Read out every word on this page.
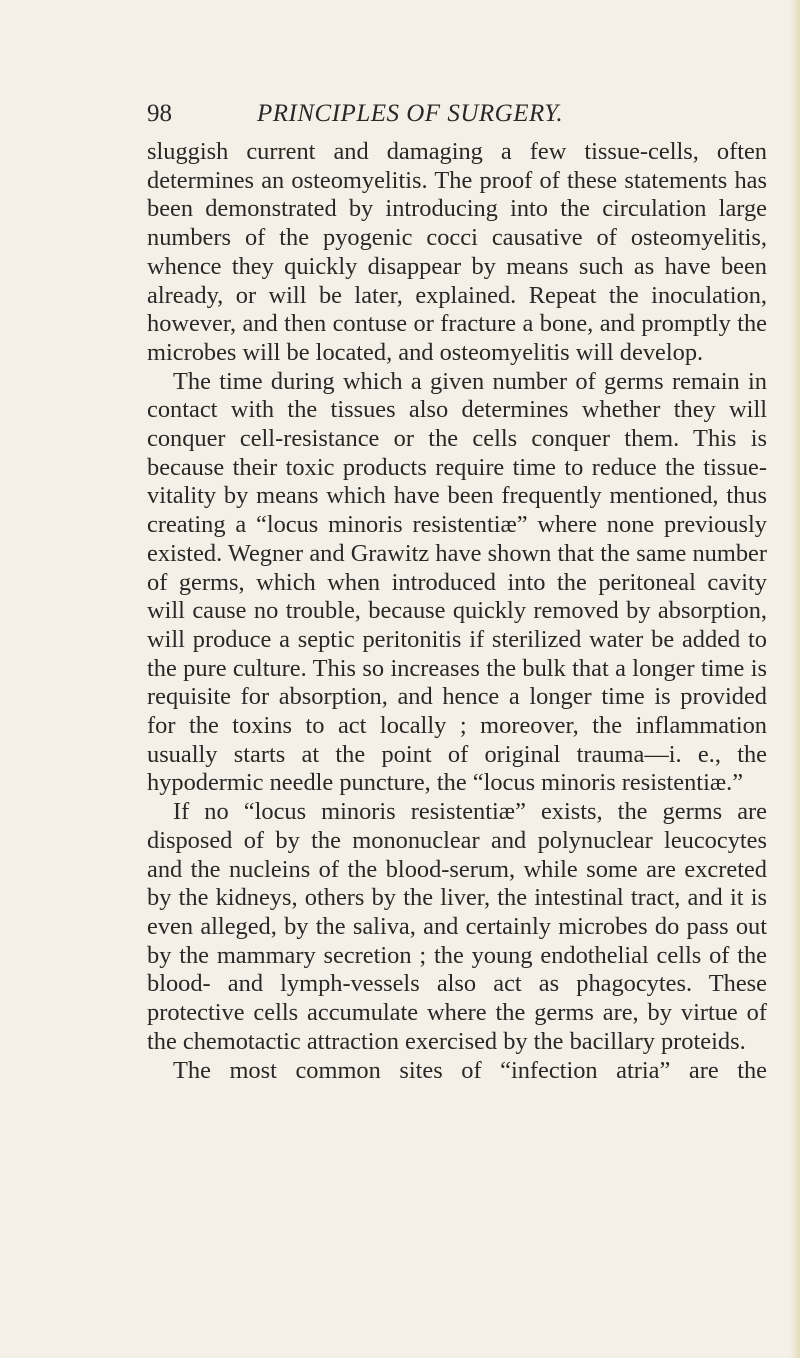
98	PRINCIPLES OF SURGERY.

sluggish current and damaging a few tissue-cells, often determines an osteomyelitis. The proof of these statements has been demonstrated by introducing into the circulation large numbers of the pyogenic cocci causative of osteomyelitis, whence they quickly disappear by means such as have been already, or will be later, explained. Repeat the inoculation, however, and then contuse or fracture a bone, and promptly the microbes will be located, and osteomyelitis will develop.

The time during which a given number of germs remain in contact with the tissues also determines whether they will conquer cell-resistance or the cells conquer them. This is because their toxic products require time to reduce the tissue-vitality by means which have been frequently mentioned, thus creating a “locus minoris resistentiæ” where none previously existed. Wegner and Grawitz have shown that the same number of germs, which when introduced into the peritoneal cavity will cause no trouble, because quickly removed by absorption, will produce a septic peritonitis if sterilized water be added to the pure culture. This so increases the bulk that a longer time is requisite for absorption, and hence a longer time is provided for the toxins to act locally ; moreover, the inflammation usually starts at the point of original trauma—i. e., the hypodermic needle puncture, the “locus minoris resistentiæ.”

If no “locus minoris resistentiæ” exists, the germs are disposed of by the mononuclear and polynuclear leucocytes and the nucleins of the blood-serum, while some are excreted by the kidneys, others by the liver, the intestinal tract, and it is even alleged, by the saliva, and certainly microbes do pass out by the mammary secretion ; the young endothelial cells of the blood- and lymph-vessels also act as phagocytes. These protective cells accumulate where the germs are, by virtue of the chemotactic attraction exercised by the bacillary proteids.

The most common sites of “infection atria” are the
